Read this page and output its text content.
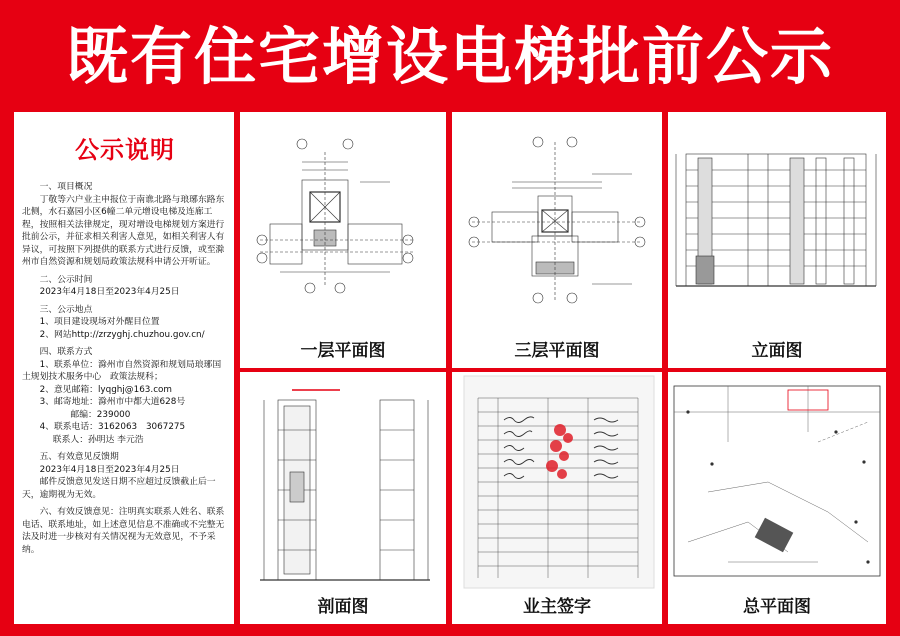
既有住宅增设电梯批前公示
公示说明

一、项目概况

丁敬等六户业主申报位于南谯北路与琅琊东路东北侧，水石嘉园小区6幢二单元增设电梯及连廊工程，按照相关法律规定，现对增设电梯规划方案进行批前公示，并征求相关利害人意见，如相关利害人有异议，可按照下列提供的联系方式进行反馈，或至滁州市自然资源和规划局政策法规科申请公开听证。

二、公示时间

2023年4月18日至2023年4月25日

三、公示地点

1、项目建设现场对外醒目位置

2、网站http://zrzyghj.chuzhou.gov.cn/

四、联系方式

1、联系单位：滁州市自然资源和规划局琅琊国土规划技术服务中心　政策法规科；

2、意见邮箱：lyqghj@163.com

3、邮寄地址：滁州市中都大道628号

邮编：239000

4、联系电话：3162063　3067275

联系人：孙明达 李元浩

五、有效意见反馈期

2023年4月18日至2023年4月25日

邮件反馈意见发送日期不应超过反馈截止后一天，逾期视为无效。

六、有效反馈意见：注明真实联系人姓名、联系电话、联系地址，如上述意见信息不准确或不完整无法及时进一步核对有关情况视为无效意见，不予采纳。

一层平面图	三层平面图	立面图
剖面图	业主签字	总平面图
